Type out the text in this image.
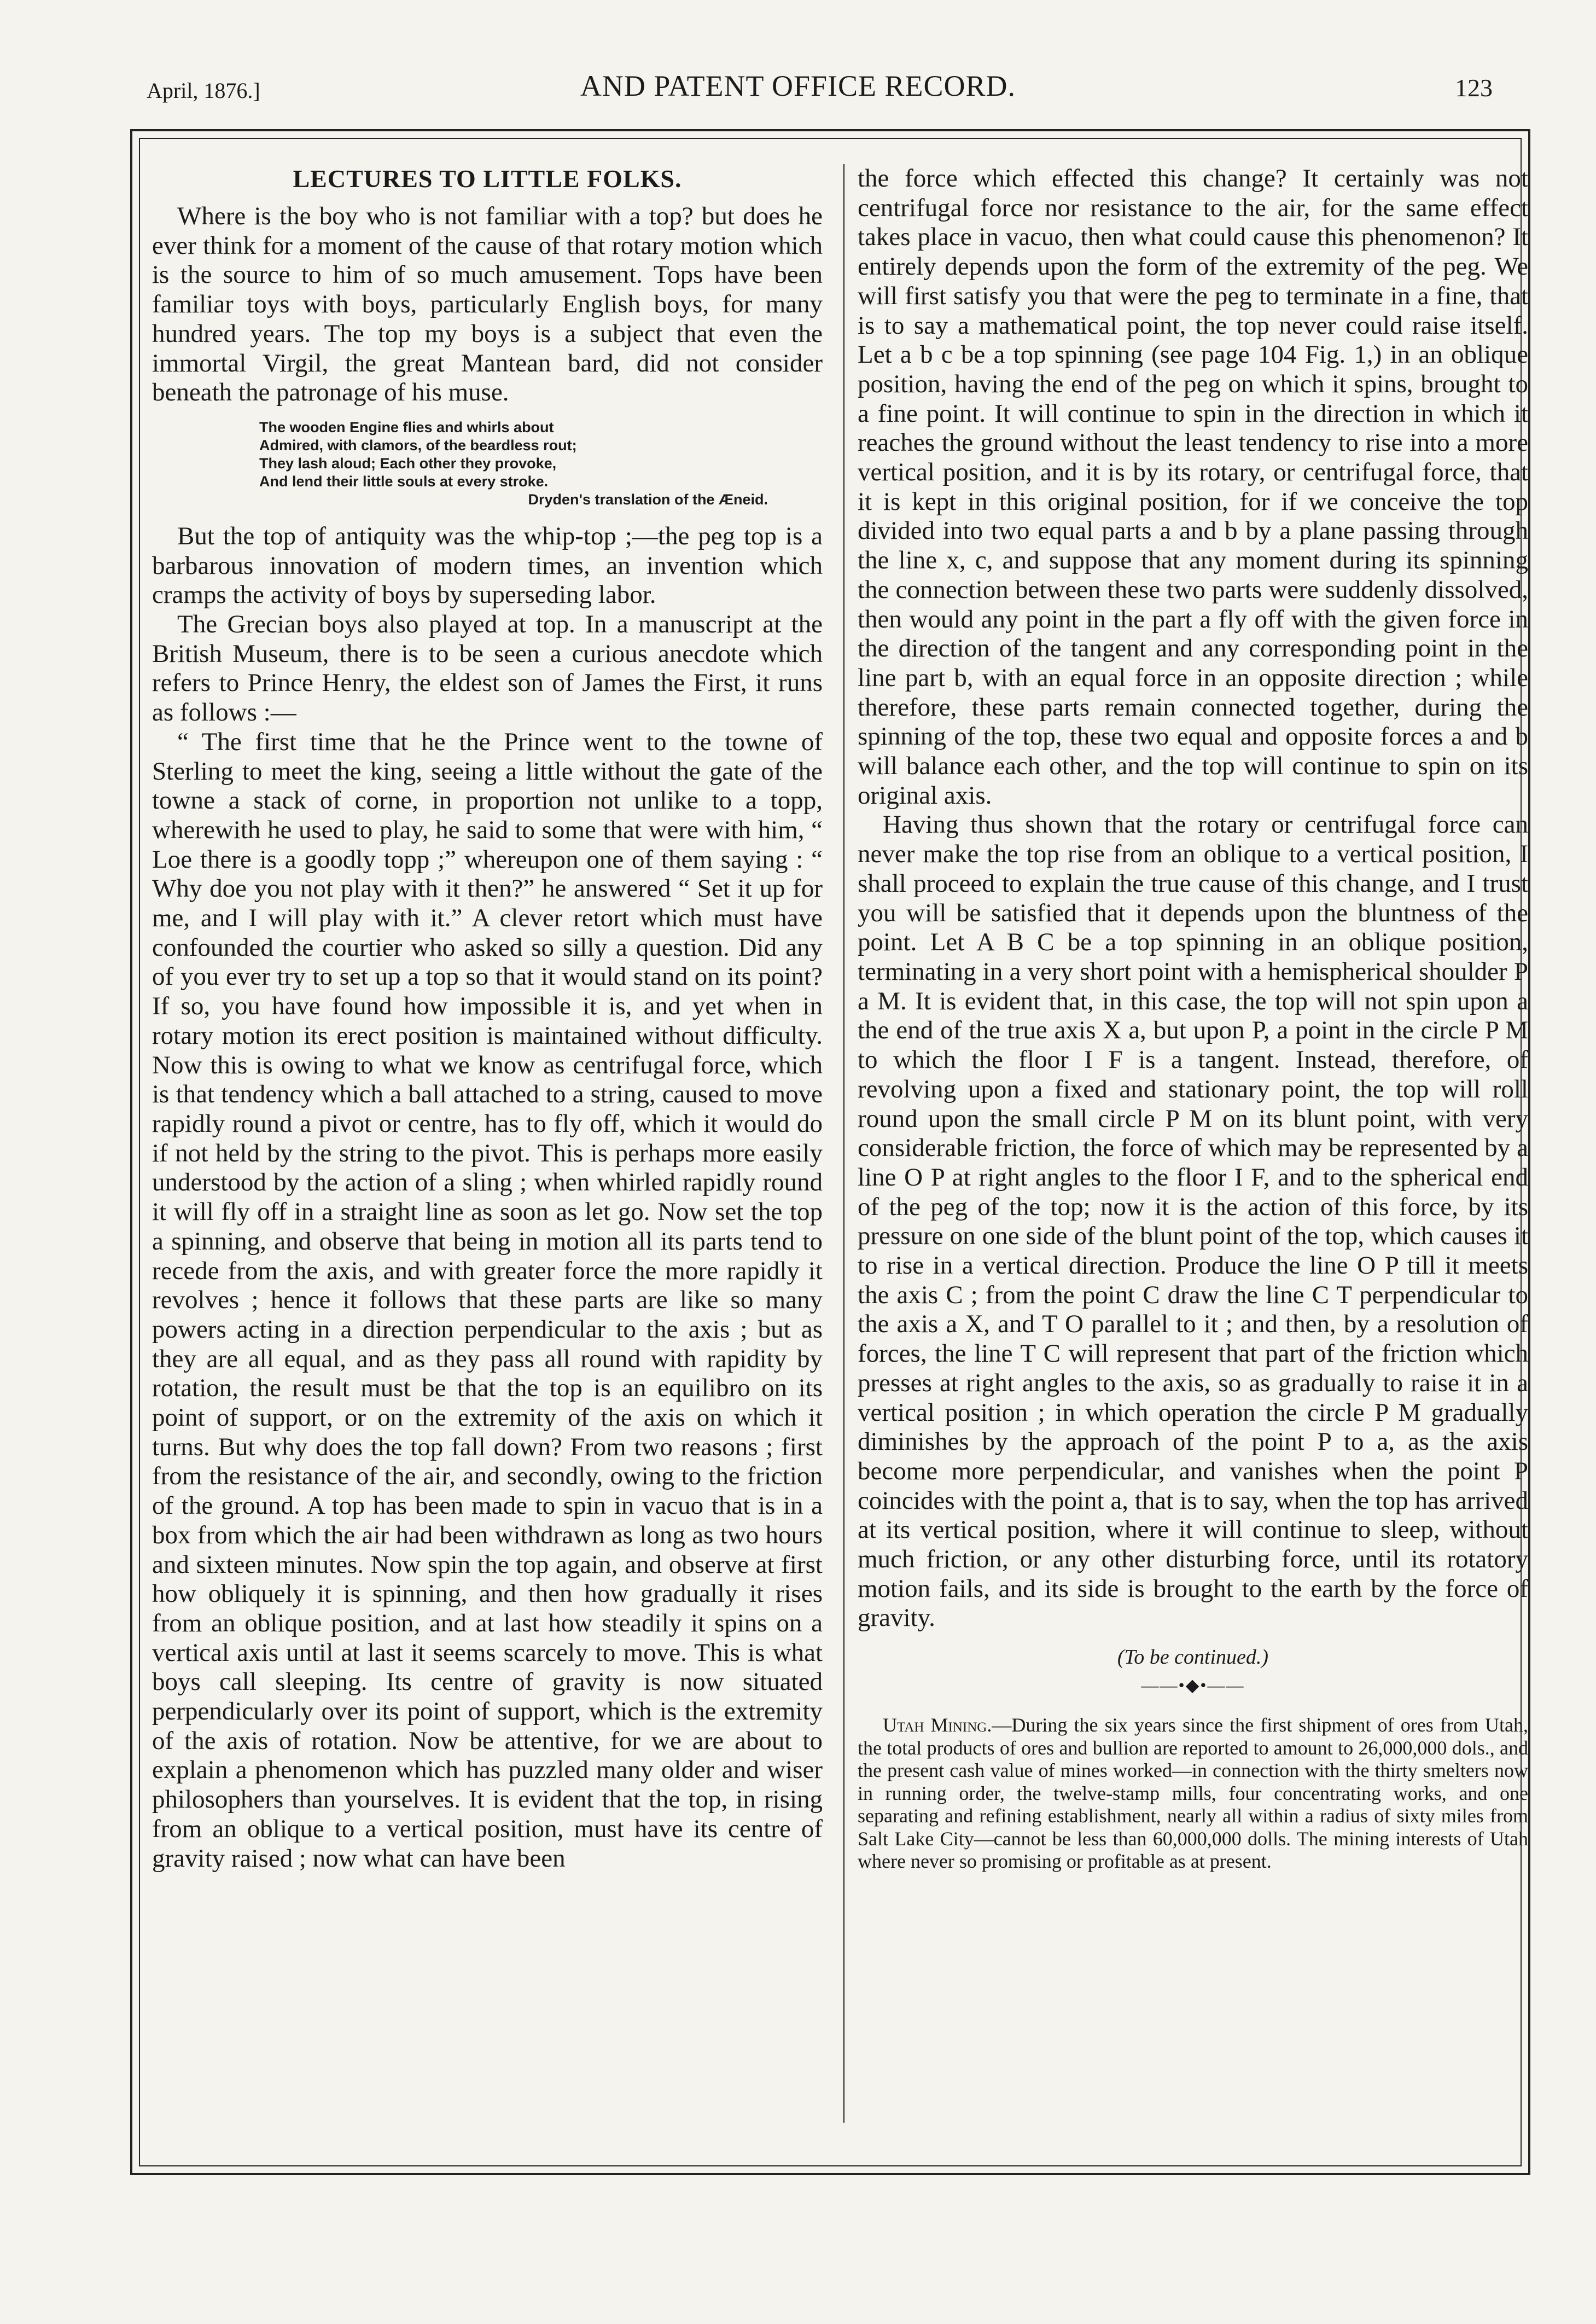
April, 1876.]	AND PATENT OFFICE RECORD.	123
LECTURES TO LITTLE FOLKS.

Where is the boy who is not familiar with a top? but does he ever think for a moment of the cause of that rotary motion which is the source to him of so much amusement. Tops have been familiar toys with boys, particularly English boys, for many hundred years. The top my boys is a subject that even the immortal Virgil, the great Mantean bard, did not consider beneath the patronage of his muse.

The wooden Engine flies and whirls about
Admired, with clamors, of the beardless rout;
They lash aloud; Each other they provoke,
And lend their little souls at every stroke.
Dryden's translation of the Æneid.

But the top of antiquity was the whip-top ;—the peg top is a barbarous innovation of modern times, an invention which cramps the activity of boys by superseding labor.

The Grecian boys also played at top. In a manuscript at the British Museum, there is to be seen a curious anecdote which refers to Prince Henry, the eldest son of James the First, it runs as follows :—

“ The first time that he the Prince went to the towne of Sterling to meet the king, seeing a little without the gate of the towne a stack of corne, in proportion not unlike to a topp, wherewith he used to play, he said to some that were with him, “ Loe there is a goodly topp ;” whereupon one of them saying : “ Why doe you not play with it then?” he answered “ Set it up for me, and I will play with it.” A clever retort which must have confounded the courtier who asked so silly a question. Did any of you ever try to set up a top so that it would stand on its point? If so, you have found how impossible it is, and yet when in rotary motion its erect position is maintained without difficulty. Now this is owing to what we know as centrifugal force, which is that tendency which a ball attached to a string, caused to move rapidly round a pivot or centre, has to fly off, which it would do if not held by the string to the pivot. This is perhaps more easily understood by the action of a sling ; when whirled rapidly round it will fly off in a straight line as soon as let go. Now set the top a spinning, and observe that being in motion all its parts tend to recede from the axis, and with greater force the more rapidly it revolves ; hence it follows that these parts are like so many powers acting in a direction perpendicular to the axis ; but as they are all equal, and as they pass all round with rapidity by rotation, the result must be that the top is an equilibro on its point of support, or on the extremity of the axis on which it turns. But why does the top fall down? From two reasons ; first from the resistance of the air, and secondly, owing to the friction of the ground. A top has been made to spin in vacuo that is in a box from which the air had been withdrawn as long as two hours and sixteen minutes. Now spin the top again, and observe at first how obliquely it is spinning, and then how gradually it rises from an oblique position, and at last how steadily it spins on a vertical axis until at last it seems scarcely to move. This is what boys call sleeping. Its centre of gravity is now situated perpendicularly over its point of support, which is the extremity of the axis of rotation. Now be attentive, for we are about to explain a phenomenon which has puzzled many older and wiser philosophers than yourselves. It is evident that the top, in rising from an oblique to a vertical position, must have its centre of gravity raised ; now what can have been

the force which effected this change? It certainly was not centrifugal force nor resistance to the air, for the same effect takes place in vacuo, then what could cause this phenomenon? It entirely depends upon the form of the extremity of the peg. We will first satisfy you that were the peg to terminate in a fine, that is to say a mathematical point, the top never could raise itself. Let a b c be a top spinning (see page 104 Fig. 1,) in an oblique position, having the end of the peg on which it spins, brought to a fine point. It will continue to spin in the direction in which it reaches the ground without the least tendency to rise into a more vertical position, and it is by its rotary, or centrifugal force, that it is kept in this original position, for if we conceive the top divided into two equal parts a and b by a plane passing through the line x, c, and suppose that any moment during its spinning the connection between these two parts were suddenly dissolved, then would any point in the part a fly off with the given force in the direction of the tangent and any corresponding point in the line part b, with an equal force in an opposite direction ; while therefore, these parts remain connected together, during the spinning of the top, these two equal and opposite forces a and b will balance each other, and the top will continue to spin on its original axis.

Having thus shown that the rotary or centrifugal force can never make the top rise from an oblique to a vertical position, I shall proceed to explain the true cause of this change, and I trust you will be satisfied that it depends upon the bluntness of the point. Let A B C be a top spinning in an oblique position, terminating in a very short point with a hemispherical shoulder P a M. It is evident that, in this case, the top will not spin upon a the end of the true axis X a, but upon P, a point in the circle P M to which the floor I F is a tangent. Instead, therefore, of revolving upon a fixed and stationary point, the top will roll round upon the small circle P M on its blunt point, with very considerable friction, the force of which may be represented by a line O P at right angles to the floor I F, and to the spherical end of the peg of the top; now it is the action of this force, by its pressure on one side of the blunt point of the top, which causes it to rise in a vertical direction. Produce the line O P till it meets the axis C ; from the point C draw the line C T perpendicular to the axis a X, and T O parallel to it ; and then, by a resolution of forces, the line T C will represent that part of the friction which presses at right angles to the axis, so as gradually to raise it in a vertical position ; in which operation the circle P M gradually diminishes by the approach of the point P to a, as the axis become more perpendicular, and vanishes when the point P coincides with the point a, that is to say, when the top has arrived at its vertical position, where it will continue to sleep, without much friction, or any other disturbing force, until its rotatory motion fails, and its side is brought to the earth by the force of gravity.

(To be continued.)
——•◆•——
Utah Mining.—During the six years since the first shipment of ores from Utah, the total products of ores and bullion are reported to amount to 26,000,000 dols., and the present cash value of mines worked—in connection with the thirty smelters now in running order, the twelve-stamp mills, four concentrating works, and one separating and refining establishment, nearly all within a radius of sixty miles from Salt Lake City—cannot be less than 60,000,000 dolls. The mining interests of Utah where never so promising or profitable as at present.
